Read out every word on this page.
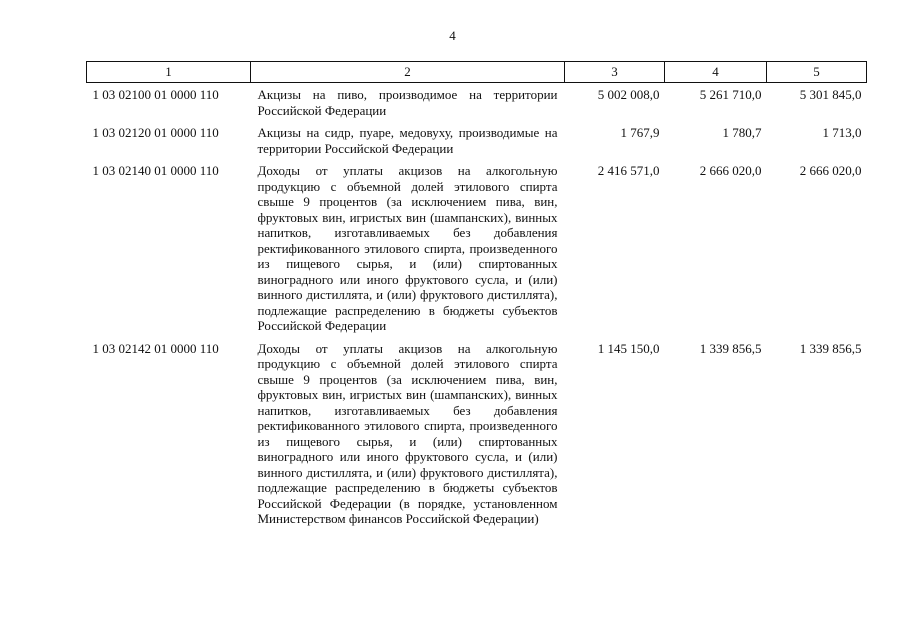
4
1	2	3	4	5
1 03 02100 01 0000 110	Акцизы на пиво, производимое на территории Российской Федерации	5 002 008,0	5 261 710,0	5 301 845,0
1 03 02120 01 0000 110	Акцизы на сидр, пуаре, медовуху, производимые на территории Российской Федерации	1 767,9	1 780,7	1 713,0
1 03 02140 01 0000 110	Доходы от уплаты акцизов на алкогольную продукцию с объемной долей этилового спирта свыше 9 процентов (за исключением пива, вин, фруктовых вин, игристых вин (шампанских), винных напитков, изготавливаемых без добавления ректификованного этилового спирта, произведенного из пищевого сырья, и (или) спиртованных виноградного или иного фруктового сусла, и (или) винного дистиллята, и (или) фруктового дистиллята), подлежащие распределению в бюджеты субъектов Российской Федерации	2 416 571,0	2 666 020,0	2 666 020,0
1 03 02142 01 0000 110	Доходы от уплаты акцизов на алкогольную продукцию с объемной долей этилового спирта свыше 9 процентов (за исключением пива, вин, фруктовых вин, игристых вин (шампанских), винных напитков, изготавливаемых без добавления ректификованного этилового спирта, произведенного из пищевого сырья, и (или) спиртованных виноградного или иного фруктового сусла, и (или) винного дистиллята, и (или) фруктового дистиллята), подлежащие распределению в бюджеты субъектов Российской Федерации (в порядке, установленном Министерством финансов Российской Федерации)	1 145 150,0	1 339 856,5	1 339 856,5
